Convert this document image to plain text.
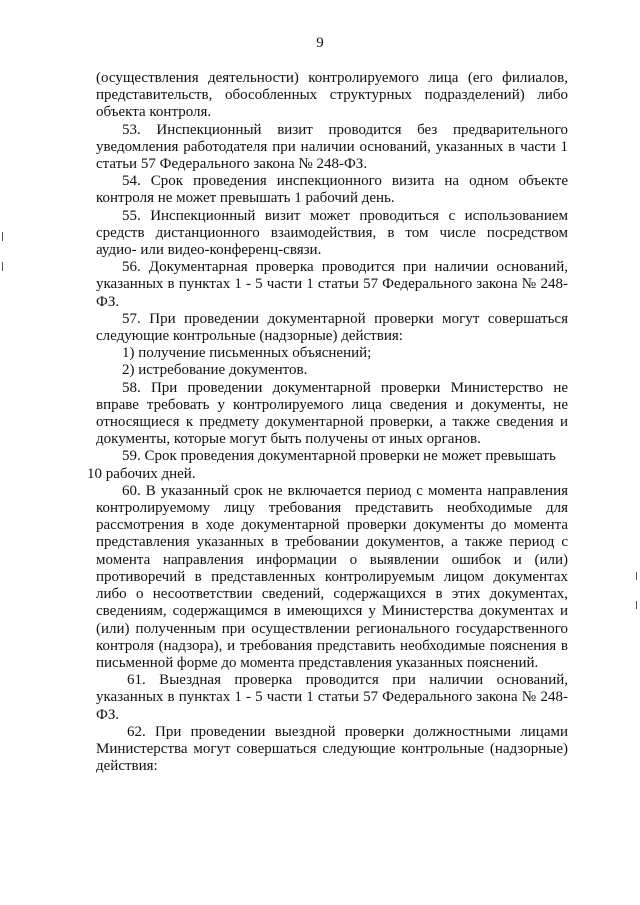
9

(осуществления деятельности) контролируемого лица (его филиалов, представительств, обособленных структурных подразделений) либо объекта контроля.

53. Инспекционный визит проводится без предварительного уведомления работодателя при наличии оснований, указанных в части 1 статьи 57 Федерального закона № 248-ФЗ.

54. Срок проведения инспекционного визита на одном объекте контроля не может превышать 1 рабочий день.

55. Инспекционный визит может проводиться с использованием средств дистанционного взаимодействия, в том числе посредством аудио- или видео-конференц-связи.

56. Документарная проверка проводится при наличии оснований, указанных в пунктах 1 - 5 части 1 статьи 57 Федерального закона № 248-ФЗ.

57. При проведении документарной проверки могут совершаться следующие контрольные (надзорные) действия:

1) получение письменных объяснений;

2) истребование документов.

58. При проведении документарной проверки Министерство не вправе требовать у контролируемого лица сведения и документы, не относящиеся к предмету документарной проверки, а также сведения и документы, которые могут быть получены от иных органов.

59. Срок проведения документарной проверки не может превышать

10 рабочих дней.

60. В указанный срок не включается период с момента направления контролируемому лицу требования представить необходимые для рассмотрения в ходе документарной проверки документы до момента представления указанных в требовании документов, а также период с момента направления информации о выявлении ошибок и (или) противоречий в представленных контролируемым лицом документах либо о несоответствии сведений, содержащихся в этих документах, сведениям, содержащимся в имеющихся у Министерства документах и (или) полученным при осуществлении регионального государственного контроля (надзора), и требования представить необходимые пояснения в письменной форме до момента представления указанных пояснений.

61. Выездная проверка проводится при наличии оснований, указанных в пунктах 1 - 5 части 1 статьи 57 Федерального закона № 248-ФЗ.

62. При проведении выездной проверки должностными лицами Министерства могут совершаться следующие контрольные (надзорные) действия:
